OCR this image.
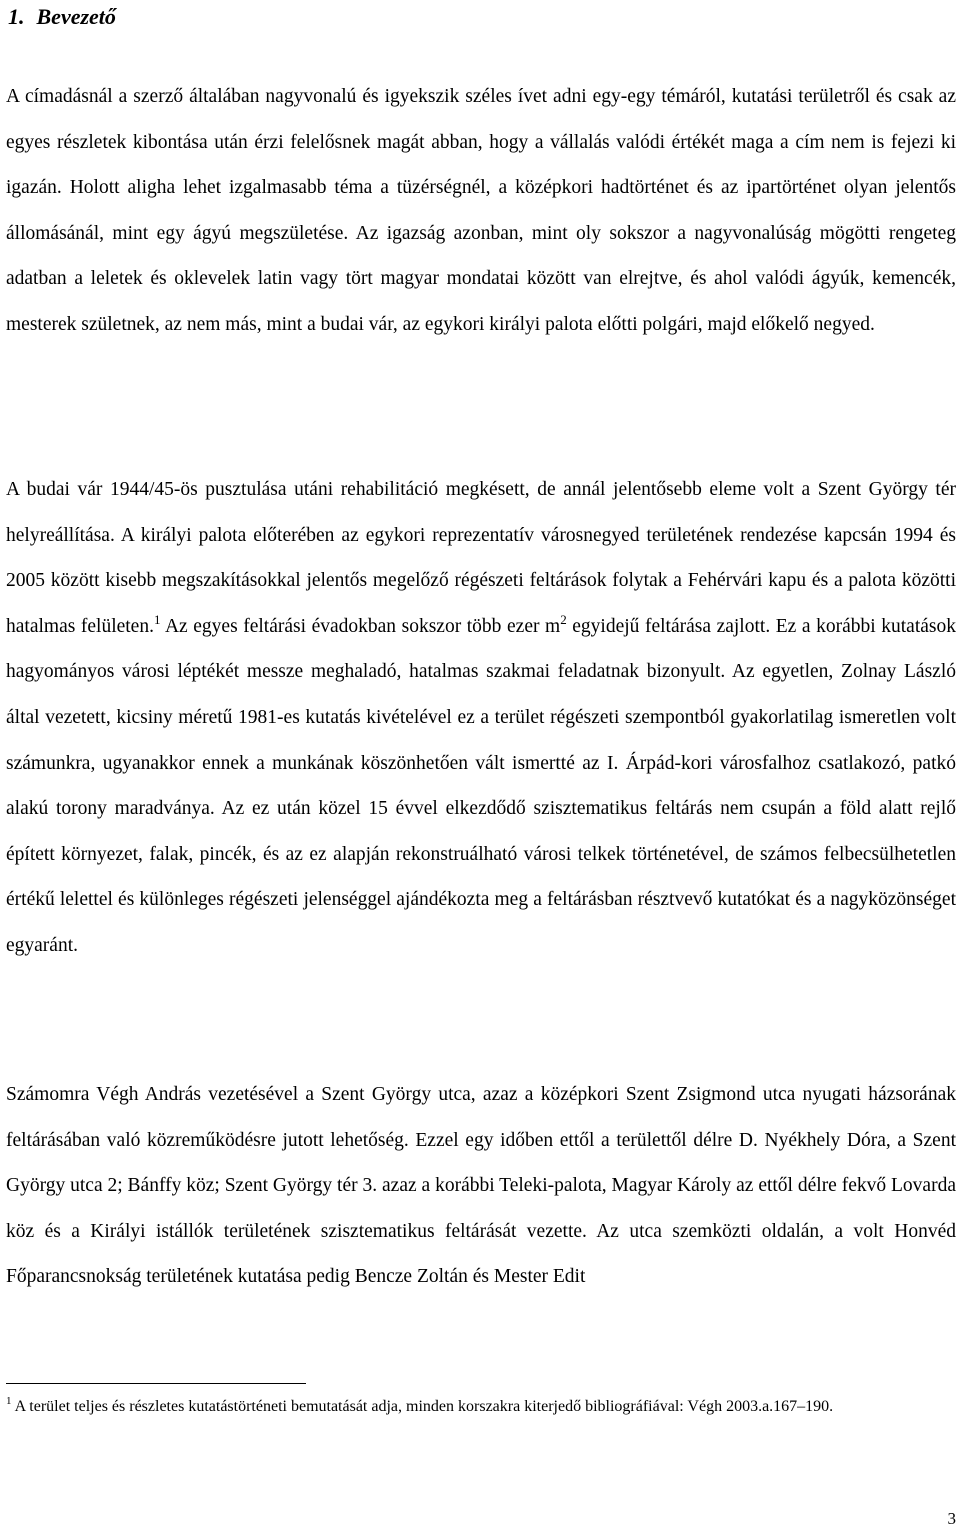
1. Bevezető

A címadásnál a szerző általában nagyvonalú és igyekszik széles ívet adni egy-egy témáról, kutatási területről és csak az egyes részletek kibontása után érzi felelősnek magát abban, hogy a vállalás valódi értékét maga a cím nem is fejezi ki igazán. Holott aligha lehet izgalmasabb téma a tüzérségnél, a középkori hadtörténet és az ipartörténet olyan jelentős állomásánál, mint egy ágyú megszületése. Az igazság azonban, mint oly sokszor a nagyvonalúság mögötti rengeteg adatban a leletek és oklevelek latin vagy tört magyar mondatai között van elrejtve, és ahol valódi ágyúk, kemencék, mesterek születnek, az nem más, mint a budai vár, az egykori királyi palota előtti polgári, majd előkelő negyed.

A budai vár 1944/45-ös pusztulása utáni rehabilitáció megkésett, de annál jelentősebb eleme volt a Szent György tér helyreállítása. A királyi palota előterében az egykori reprezentatív városnegyed területének rendezése kapcsán 1994 és 2005 között kisebb megszakításokkal jelentős megelőző régészeti feltárások folytak a Fehérvári kapu és a palota közötti hatalmas felületen.$^1$ Az egyes feltárási évadokban sokszor több ezer $m^2$ egyidejű feltárása zajlott. Ez a korábbi kutatások hagyományos városi léptékét messze meghaladó, hatalmas szakmai feladatnak bizonyult. Az egyetlen, Zolnay László által vezetett, kicsiny méretű 1981-es kutatás kivételével ez a terület régészeti szempontból gyakorlatilag ismeretlen volt számunkra, ugyanakkor ennek a munkának köszönhetően vált ismertté az I. Árpád-kori városfalhoz csatlakozó, patkó alakú torony maradványa. Az ez után közel 15 évvel elkezdődő szisztematikus feltárás nem csupán a föld alatt rejlő épített környezet, falak, pincék, és az ez alapján rekonstruálható városi telkek történetével, de számos felbecsülhetetlen értékű lelettel és különleges régészeti jelenséggel ajándékozta meg a feltárásban résztvevő kutatókat és a nagyközönséget egyaránt.

Számomra Végh András vezetésével a Szent György utca, azaz a középkori Szent Zsigmond utca nyugati házsorának feltárásában való közreműködésre jutott lehetőség. Ezzel egy időben ettől a területtől délre D. Nyékhely Dóra, a Szent György utca 2; Bánffy köz; Szent György tér 3. azaz a korábbi Teleki-palota, Magyar Károly az ettől délre fekvő Lovarda köz és a Királyi istállók területének szisztematikus feltárását vezette. Az utca szemközti oldalán, a volt Honvéd Főparancsnokság területének kutatása pedig Bencze Zoltán és Mester Edit

$^1$ A terület teljes és részletes kutatástörténeti bemutatását adja, minden korszakra kiterjedő bibliográfiával: Végh 2003.a.167–190.

3
